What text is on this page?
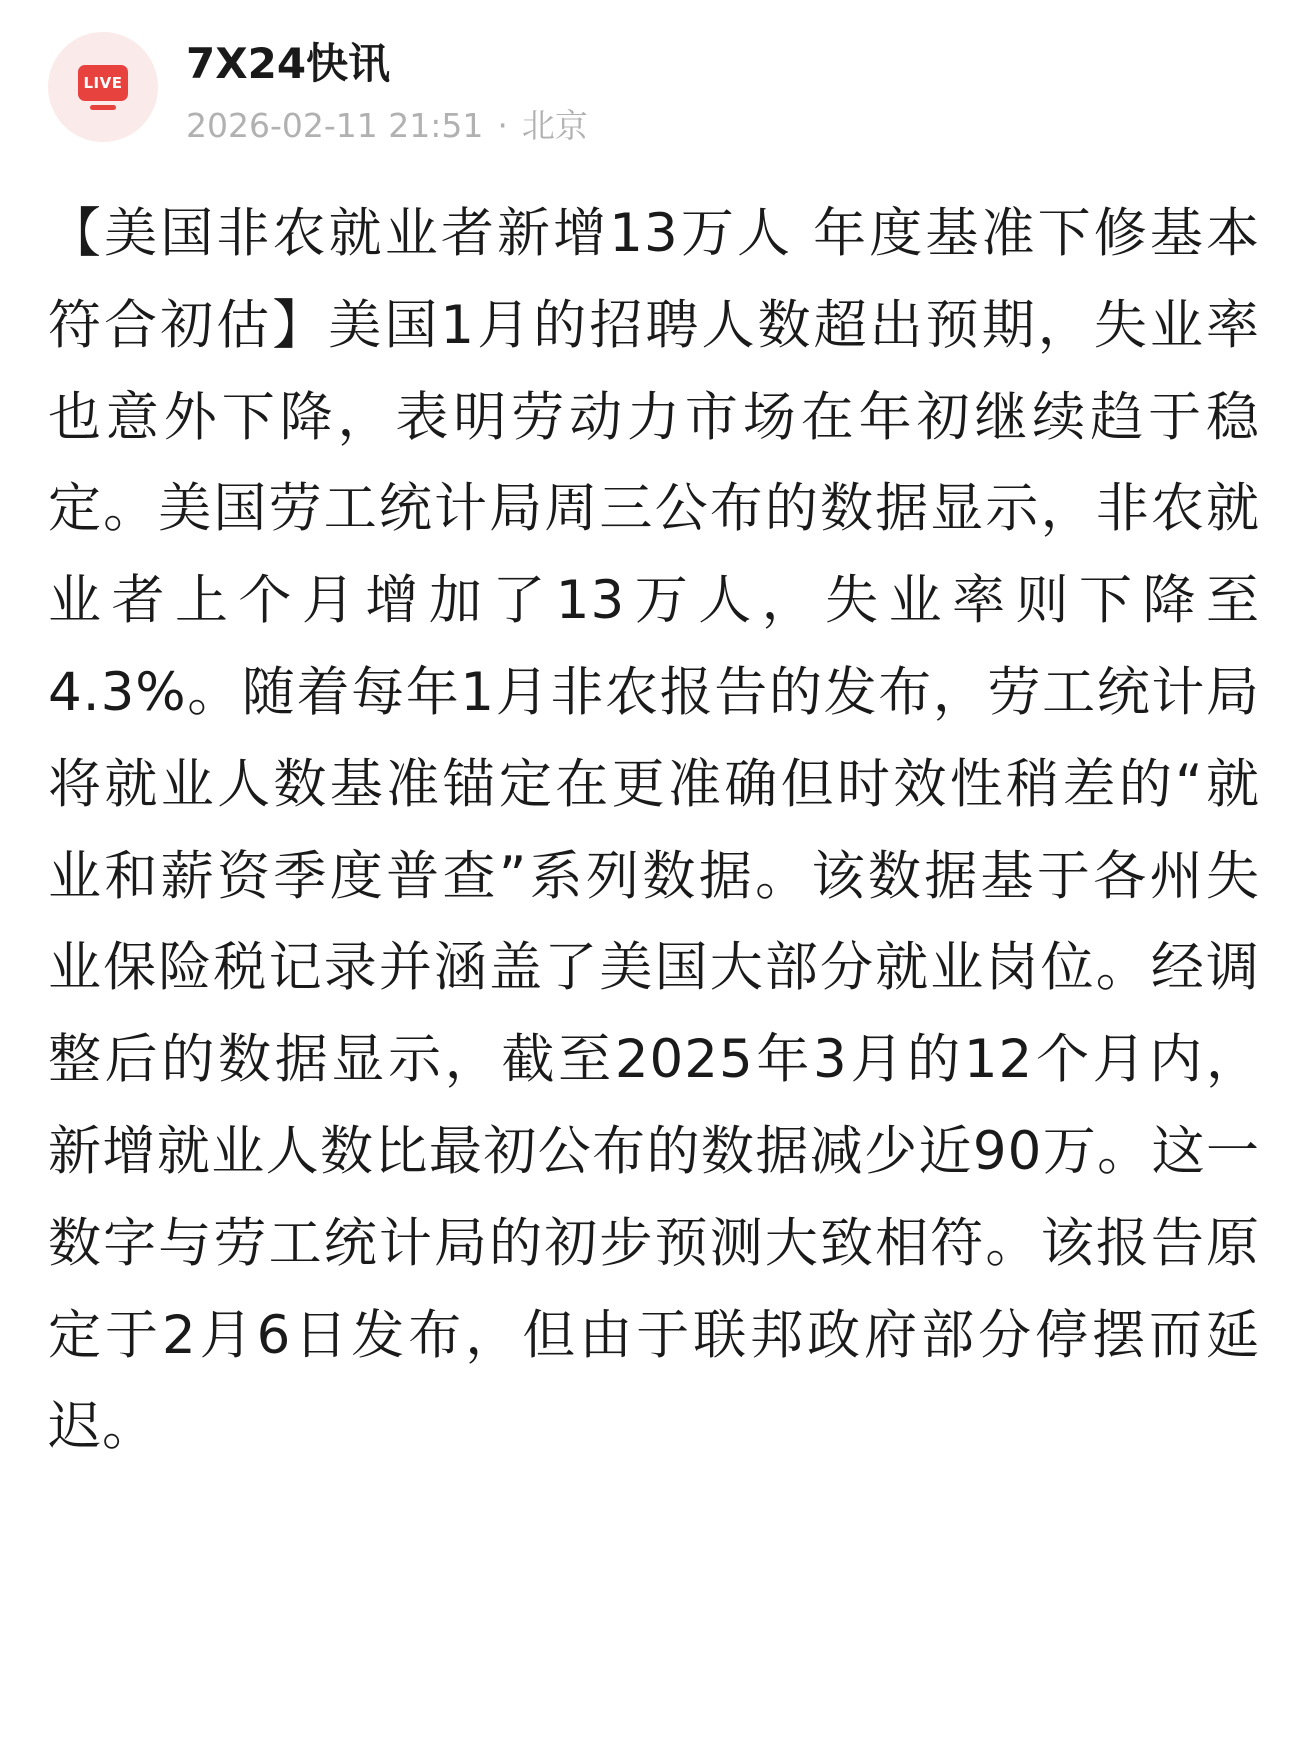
LIVE 7X24快讯
2026-02-11 21:51 · 北京

【美国非农就业者新增13万人 年度基准下修基本符合初估】美国1月的招聘人数超出预期，失业率也意外下降，表明劳动力市场在年初继续趋于稳定。美国劳工统计局周三公布的数据显示，非农就业者上个月增加了13万人，失业率则下降至4.3%。随着每年1月非农报告的发布，劳工统计局将就业人数基准锚定在更准确但时效性稍差的“就业和薪资季度普查”系列数据。该数据基于各州失业保险税记录并涵盖了美国大部分就业岗位。经调整后的数据显示，截至2025年3月的12个月内，新增就业人数比最初公布的数据减少近90万。这一数字与劳工统计局的初步预测大致相符。该报告原定于2月6日发布，但由于联邦政府部分停摆而延迟。
